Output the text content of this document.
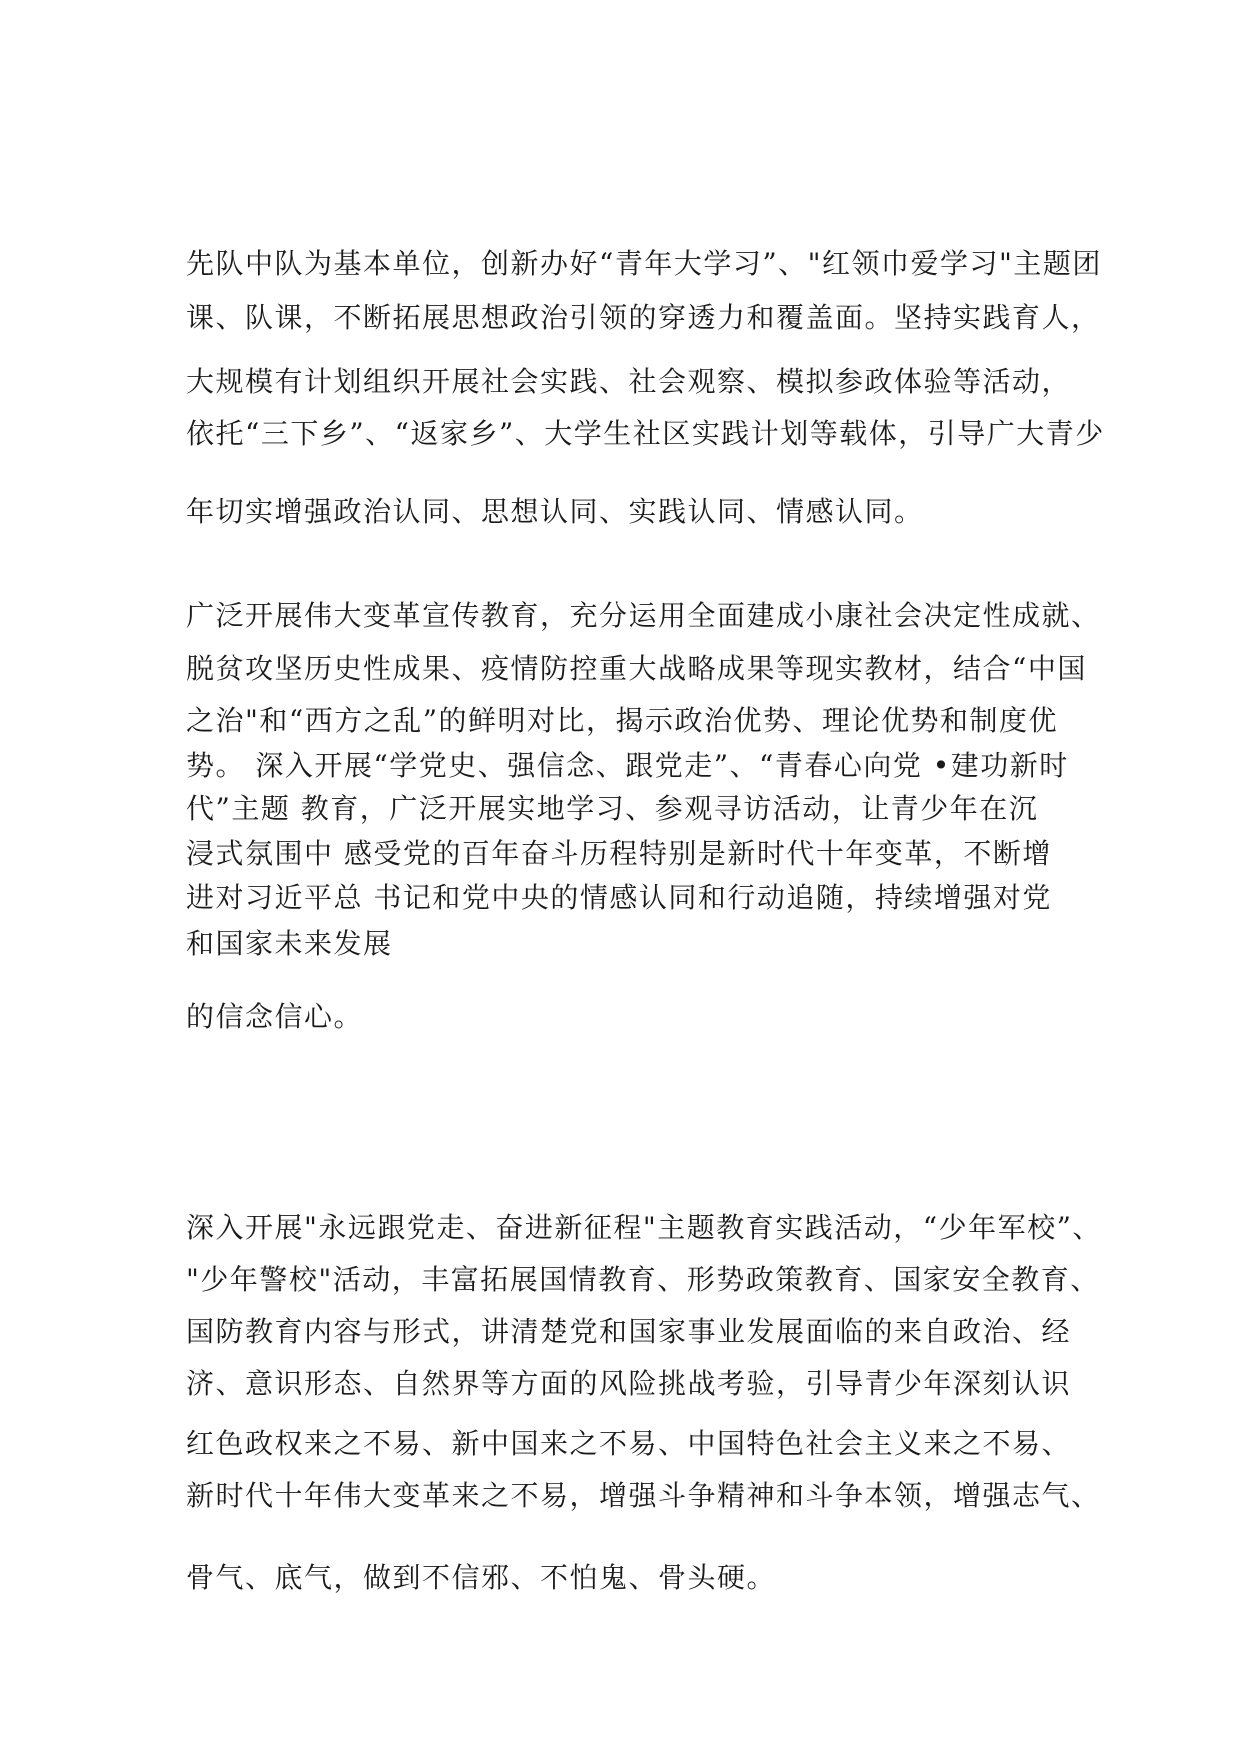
先队中队为基本单位，创新办好“青年大学习”、"红领巾爱学习"主题团
课、队课，不断拓展思想政治引领的穿透力和覆盖面。坚持实践育人，
大规模有计划组织开展社会实践、社会观察、模拟参政体验等活动，
依托“三下乡”、“返家乡”、大学生社区实践计划等载体，引导广大青少
年切实增强政治认同、思想认同、实践认同、情感认同。
广泛开展伟大变革宣传教育，充分运用全面建成小康社会决定性成就、
脱贫攻坚历史性成果、疫情防控重大战略成果等现实教材，结合“中国
之治"和“西方之乱”的鲜明对比，揭示政治优势、理论优势和制度优
势。 深入开展“学党史、强信念、跟党走”、“青春心向党 •建功新时
代”主题 教育，广泛开展实地学习、参观寻访活动，让青少年在沉
浸式氛围中 感受党的百年奋斗历程特别是新时代十年变革，不断增
进对习近平总 书记和党中央的情感认同和行动追随，持续增强对党
和国家未来发展
的信念信心。
深入开展"永远跟党走、奋进新征程"主题教育实践活动，“少年军校”、
"少年警校"活动，丰富拓展国情教育、形势政策教育、国家安全教育、
国防教育内容与形式，讲清楚党和国家事业发展面临的来自政治、经
济、意识形态、自然界等方面的风险挑战考验，引导青少年深刻认识
红色政权来之不易、新中国来之不易、中国特色社会主义来之不易、
新时代十年伟大变革来之不易，增强斗争精神和斗争本领，增强志气、
骨气、底气，做到不信邪、不怕鬼、骨头硬。
